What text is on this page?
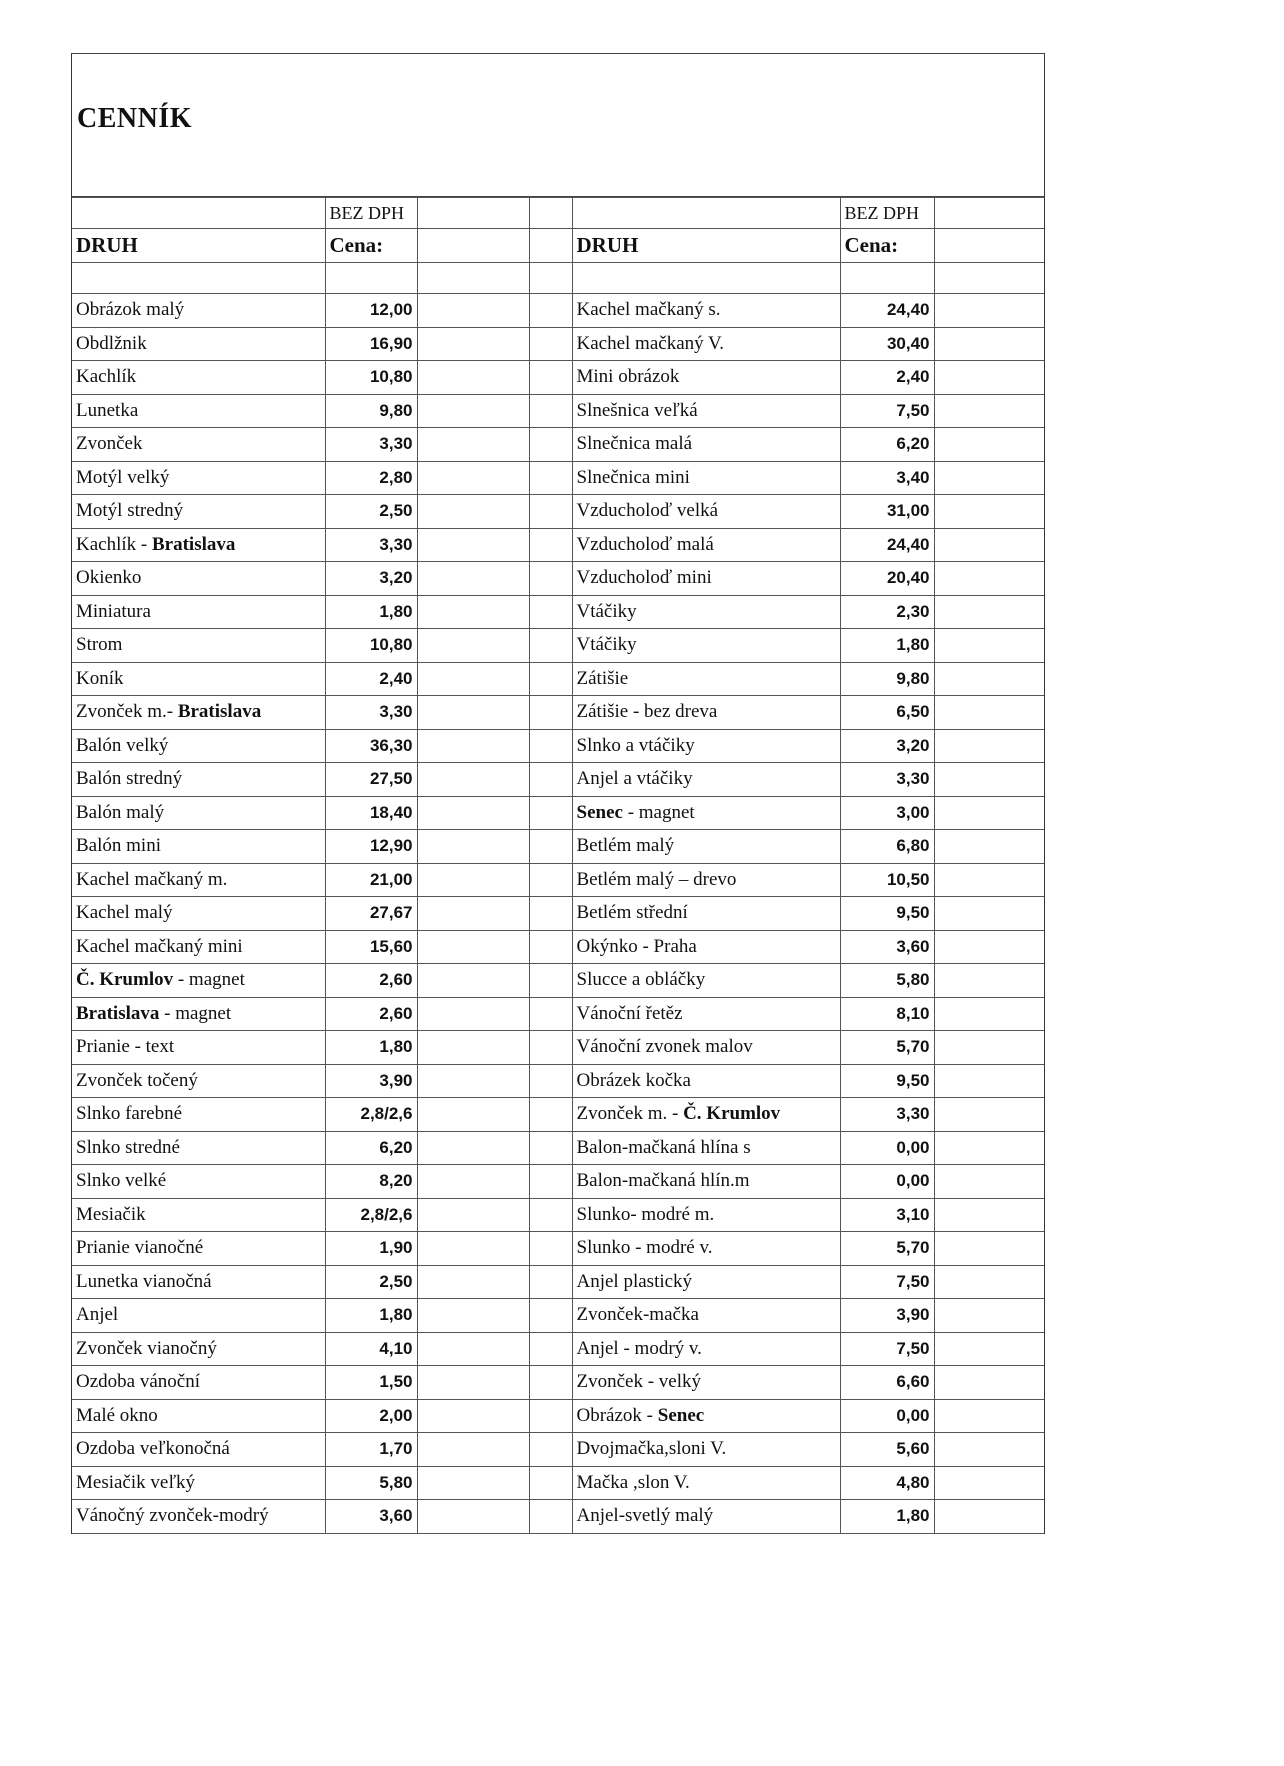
CENNÍK
	BEZ DPH				BEZ DPH	
DRUH	Cena:			DRUH	Cena:	

Obrázok malý	12,00			Kachel mačkaný s.	24,40	
Obdlžnik	16,90			Kachel mačkaný V.	30,40	
Kachlík	10,80			Mini obrázok	2,40	
Lunetka	9,80			Slnešnica veľká	7,50	
Zvonček	3,30			Slnečnica malá	6,20	
Motýl velký	2,80			Slnečnica mini	3,40	
Motýl stredný	2,50			Vzducholoď velká	31,00	
Kachlík - Bratislava	3,30			Vzducholoď malá	24,40	
Okienko	3,20			Vzducholoď mini	20,40	
Miniatura	1,80			Vtáčiky	2,30	
Strom	10,80			Vtáčiky	1,80	
Koník	2,40			Zátišie	9,80	
Zvonček m.- Bratislava	3,30			Zátišie - bez dreva	6,50	
Balón velký	36,30			Slnko a vtáčiky	3,20	
Balón stredný	27,50			Anjel a vtáčiky	3,30	
Balón malý	18,40			Senec - magnet	3,00	
Balón mini	12,90			Betlém malý	6,80	
Kachel mačkaný m.	21,00			Betlém malý – drevo	10,50	
Kachel malý	27,67			Betlém střední	9,50	
Kachel mačkaný mini	15,60			Okýnko - Praha	3,60	
Č. Krumlov - magnet	2,60			Slucce a obláčky	5,80	
Bratislava - magnet	2,60			Vánoční řetěz	8,10	
Prianie - text	1,80			Vánoční zvonek malov	5,70	
Zvonček točený	3,90			Obrázek kočka	9,50	
Slnko farebné	2,8/2,6			Zvonček m. - Č. Krumlov	3,30	
Slnko stredné	6,20			Balon-mačkaná hlína s	0,00	
Slnko velké	8,20			Balon-mačkaná hlín.m	0,00	
Mesiačik	2,8/2,6			Slunko- modré m.	3,10	
Prianie vianočné	1,90			Slunko - modré v.	5,70	
Lunetka vianočná	2,50			Anjel plastický	7,50	
Anjel	1,80			Zvonček-mačka	3,90	
Zvonček vianočný	4,10			Anjel - modrý v.	7,50	
Ozdoba vánoční	1,50			Zvonček - velký	6,60	
Malé okno	2,00			Obrázok - Senec	0,00	
Ozdoba veľkonočná	1,70			Dvojmačka,sloni V.	5,60	
Mesiačik veľký	5,80			Mačka ,slon V.	4,80	
Vánočný zvonček-modrý	3,60			Anjel-svetlý malý	1,80	
